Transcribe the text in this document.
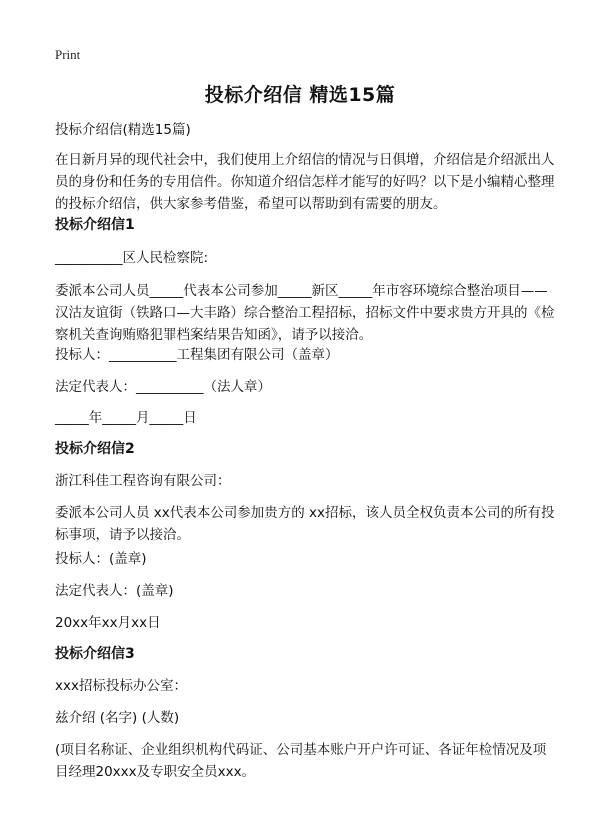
Print
投标介绍信 精选15篇

投标介绍信(精选15篇)

在日新月异的现代社会中，我们使用上介绍信的情况与日俱增，介绍信是介绍派出人员的身份和任务的专用信件。你知道介绍信怎样才能写的好吗？以下是小编精心整理的投标介绍信，供大家参考借鉴，希望可以帮助到有需要的朋友。

投标介绍信1

__________区人民检察院:

委派本公司人员_____代表本公司参加_____新区_____年市容环境综合整治项目——汉沽友谊街（铁路口—大丰路）综合整治工程招标，招标文件中要求贵方开具的《检察机关查询贿赂犯罪档案结果告知函》，请予以接洽。

投标人：__________工程集团有限公司（盖章）

法定代表人：__________（法人章）

_____年_____月_____日

投标介绍信2

浙江科佳工程咨询有限公司：

委派本公司人员 xx代表本公司参加贵方的 xx招标，该人员全权负责本公司的所有投标事项，请予以接洽。

投标人：(盖章)

法定代表人：(盖章)

20xx年xx月xx日

投标介绍信3

xxx招标投标办公室：

兹介绍 (名字) (人数)

(项目名称证、企业组织机构代码证、公司基本账户开户许可证、各证年检情况及项目经理20xxx及专职安全员xxx。
